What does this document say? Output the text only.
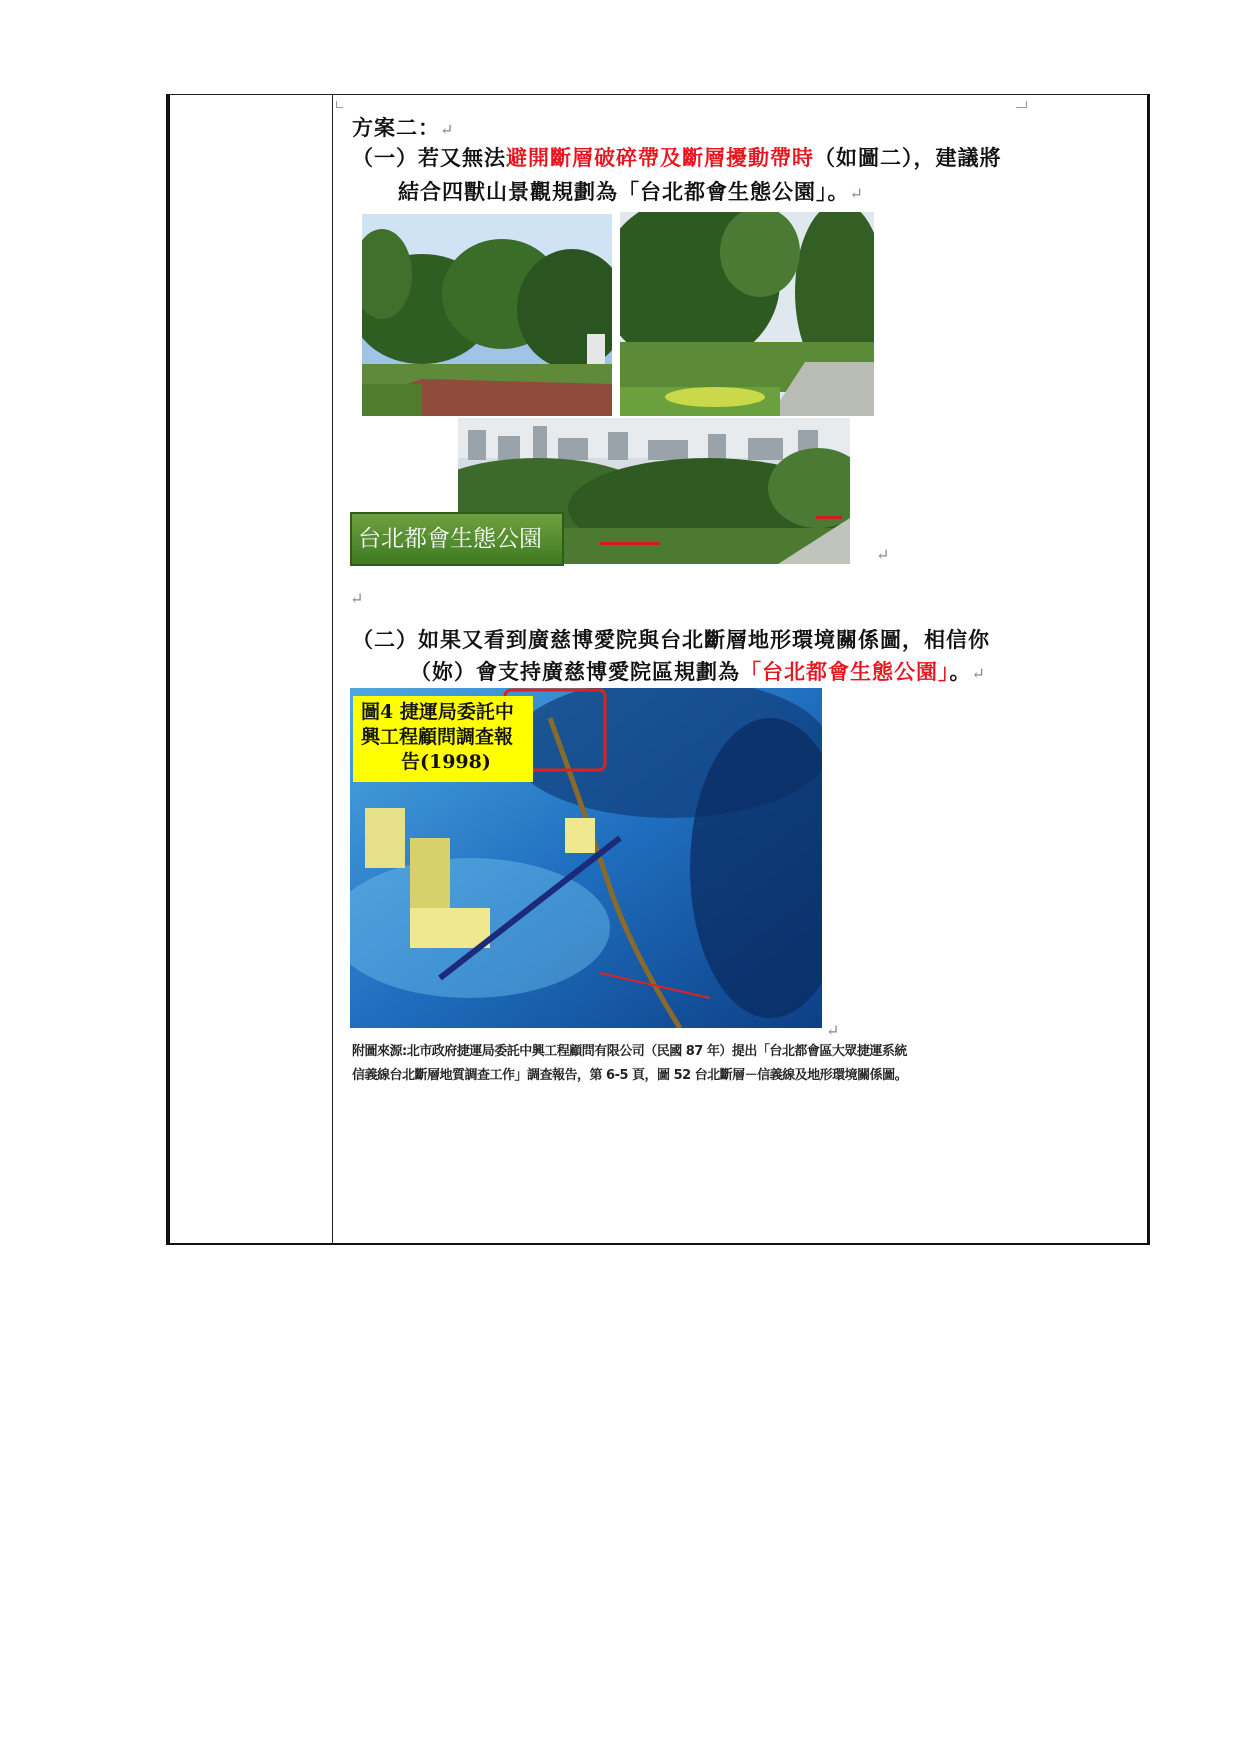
方案二：↵
（一）若又無法避開斷層破碎帶及斷層擾動帶時（如圖二），建議將
結合四獸山景觀規劃為「台北都會生態公園」。↵
台北都會生態公園
↵
↵
（二）如果又看到廣慈博愛院與台北斷層地形環境關係圖，相信你
（妳）會支持廣慈博愛院區規劃為「台北都會生態公園」。↵
圖4 捷運局委託中
興工程顧問調查報
告(1998)
↵
附圖來源:北市政府捷運局委託中興工程顧問有限公司（民國 87 年）提出「台北都會區大眾捷運系統
信義線台北斷層地質調查工作」調查報告，第 6-5 頁，圖 52 台北斷層－信義線及地形環境關係圖。
